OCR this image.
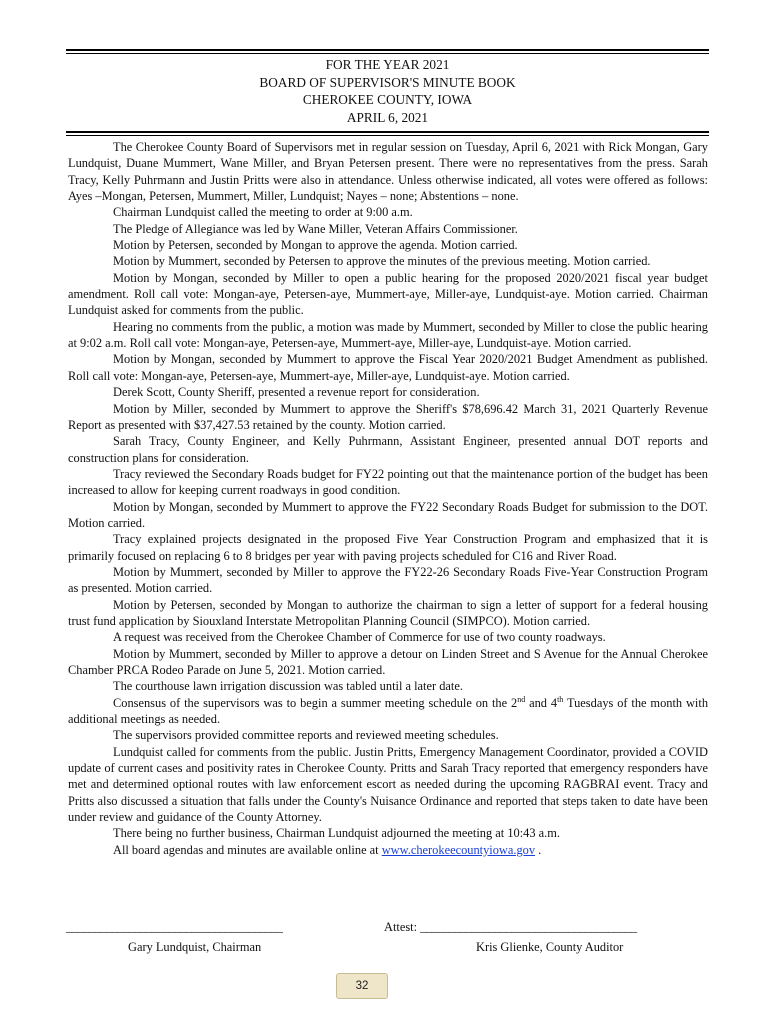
FOR THE YEAR 2021
BOARD OF SUPERVISOR'S MINUTE BOOK
CHEROKEE COUNTY, IOWA
APRIL 6, 2021

The Cherokee County Board of Supervisors met in regular session on Tuesday, April 6, 2021 with Rick Mongan, Gary Lundquist, Duane Mummert, Wane Miller, and Bryan Petersen present. There were no representatives from the press. Sarah Tracy, Kelly Puhrmann and Justin Pritts were also in attendance. Unless otherwise indicated, all votes were offered as follows: Ayes –Mongan, Petersen, Mummert, Miller, Lundquist; Nayes – none; Abstentions – none.

Chairman Lundquist called the meeting to order at 9:00 a.m.

The Pledge of Allegiance was led by Wane Miller, Veteran Affairs Commissioner.

Motion by Petersen, seconded by Mongan to approve the agenda. Motion carried.

Motion by Mummert, seconded by Petersen to approve the minutes of the previous meeting. Motion carried.

Motion by Mongan, seconded by Miller to open a public hearing for the proposed 2020/2021 fiscal year budget amendment. Roll call vote: Mongan-aye, Petersen-aye, Mummert-aye, Miller-aye, Lundquist-aye. Motion carried. Chairman Lundquist asked for comments from the public.

Hearing no comments from the public, a motion was made by Mummert, seconded by Miller to close the public hearing at 9:02 a.m. Roll call vote: Mongan-aye, Petersen-aye, Mummert-aye, Miller-aye, Lundquist-aye. Motion carried.

Motion by Mongan, seconded by Mummert to approve the Fiscal Year 2020/2021 Budget Amendment as published. Roll call vote: Mongan-aye, Petersen-aye, Mummert-aye, Miller-aye, Lundquist-aye. Motion carried.

Derek Scott, County Sheriff, presented a revenue report for consideration.

Motion by Miller, seconded by Mummert to approve the Sheriff's $78,696.42 March 31, 2021 Quarterly Revenue Report as presented with $37,427.53 retained by the county. Motion carried.

Sarah Tracy, County Engineer, and Kelly Puhrmann, Assistant Engineer, presented annual DOT reports and construction plans for consideration.

Tracy reviewed the Secondary Roads budget for FY22 pointing out that the maintenance portion of the budget has been increased to allow for keeping current roadways in good condition.

Motion by Mongan, seconded by Mummert to approve the FY22 Secondary Roads Budget for submission to the DOT. Motion carried.

Tracy explained projects designated in the proposed Five Year Construction Program and emphasized that it is primarily focused on replacing 6 to 8 bridges per year with paving projects scheduled for C16 and River Road.

Motion by Mummert, seconded by Miller to approve the FY22-26 Secondary Roads Five-Year Construction Program as presented. Motion carried.

Motion by Petersen, seconded by Mongan to authorize the chairman to sign a letter of support for a federal housing trust fund application by Siouxland Interstate Metropolitan Planning Council (SIMPCO). Motion carried.

A request was received from the Cherokee Chamber of Commerce for use of two county roadways.

Motion by Mummert, seconded by Miller to approve a detour on Linden Street and S Avenue for the Annual Cherokee Chamber PRCA Rodeo Parade on June 5, 2021. Motion carried.

The courthouse lawn irrigation discussion was tabled until a later date.

Consensus of the supervisors was to begin a summer meeting schedule on the 2nd and 4th Tuesdays of the month with additional meetings as needed.

The supervisors provided committee reports and reviewed meeting schedules.

Lundquist called for comments from the public. Justin Pritts, Emergency Management Coordinator, provided a COVID update of current cases and positivity rates in Cherokee County. Pritts and Sarah Tracy reported that emergency responders have met and determined optional routes with law enforcement escort as needed during the upcoming RAGBRAI event. Tracy and Pritts also discussed a situation that falls under the County's Nuisance Ordinance and reported that steps taken to date have been under review and guidance of the County Attorney.

There being no further business, Chairman Lundquist adjourned the meeting at 10:43 a.m.

All board agendas and minutes are available online at www.cherokeecountyiowa.gov .

______________________________________	Attest: ______________________________________
Gary Lundquist, Chairman	Kris Glienke, County Auditor
32
